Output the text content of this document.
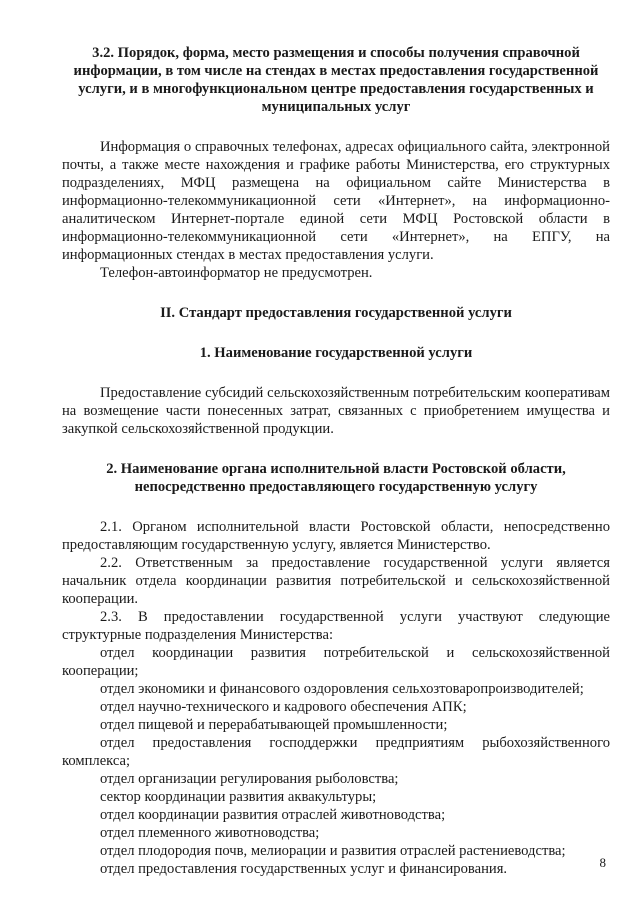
3.2. Порядок, форма, место размещения и способы получения справочной информации, в том числе на стендах в местах предоставления государственной услуги, и в многофункциональном центре предоставления государственных и муниципальных услуг

Информация о справочных телефонах, адресах официального сайта, электронной почты, а также месте нахождения и графике работы Министерства, его структурных подразделениях, МФЦ размещена на официальном сайте Министерства в информационно-телекоммуникационной сети «Интернет», на информационно-аналитическом Интернет-портале единой сети МФЦ Ростовской области в информационно-телекоммуникационной сети «Интернет», на ЕПГУ, на информационных стендах в местах предоставления услуги.

Телефон-автоинформатор не предусмотрен.

II. Стандарт предоставления государственной услуги

1. Наименование государственной услуги

Предоставление субсидий сельскохозяйственным потребительским кооперативам на возмещение части понесенных затрат, связанных с приобретением имущества и закупкой сельскохозяйственной продукции.

2. Наименование органа исполнительной власти Ростовской области, непосредственно предоставляющего государственную услугу

2.1. Органом исполнительной власти Ростовской области, непосредственно предоставляющим государственную услугу, является Министерство.

2.2. Ответственным за предоставление государственной услуги является начальник отдела координации развития потребительской и сельскохозяйственной кооперации.

2.3. В предоставлении государственной услуги участвуют следующие структурные подразделения Министерства:

отдел координации развития потребительской и сельскохозяйственной кооперации;

отдел экономики и финансового оздоровления сельхозтоваропроизводителей;

отдел научно-технического и кадрового обеспечения АПК;

отдел пищевой и перерабатывающей промышленности;

отдел предоставления господдержки предприятиям рыбохозяйственного комплекса;

отдел организации регулирования рыболовства;

сектор координации развития аквакультуры;

отдел координации развития отраслей животноводства;

отдел племенного животноводства;

отдел плодородия почв, мелиорации и развития отраслей растениеводства;

отдел предоставления государственных услуг и финансирования.	8
